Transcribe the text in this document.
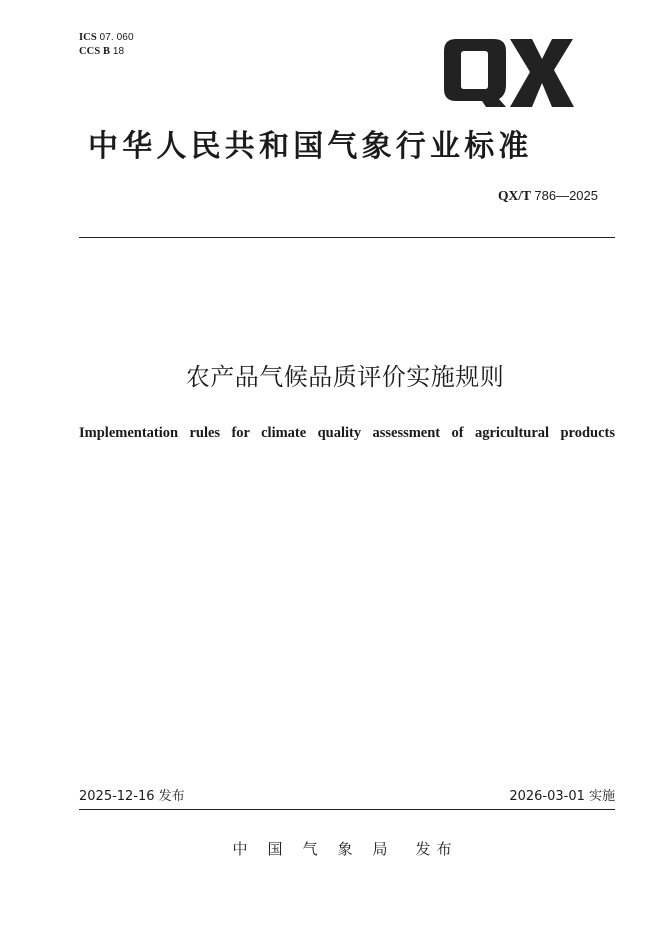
ICS 07. 060
CCS B 18
中华人民共和国气象行业标准
QX/T 786—2025
农产品气候品质评价实施规则
Implementation rules for climate quality assessment of agricultural products
2025-12-16 发布	2026-03-01 实施
中国气象局 发布
